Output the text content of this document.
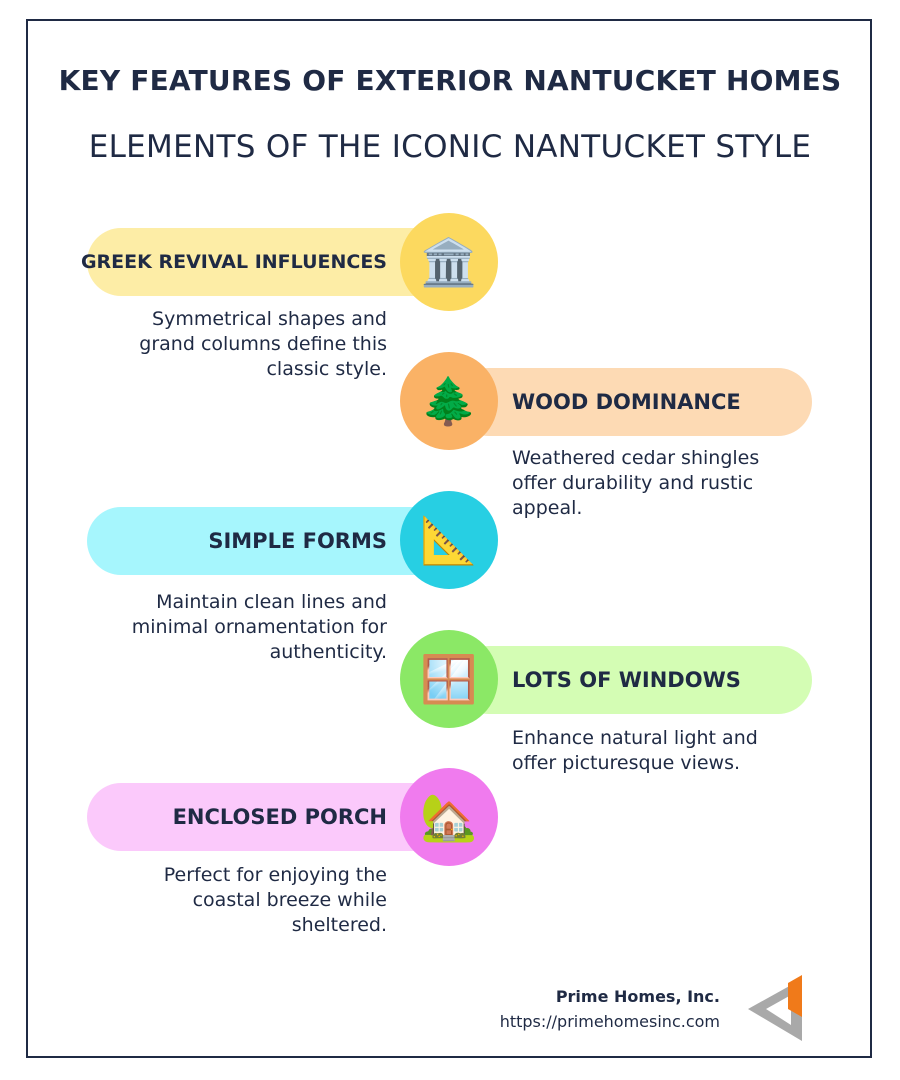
KEY FEATURES OF EXTERIOR NANTUCKET HOMES
ELEMENTS OF THE ICONIC NANTUCKET STYLE
GREEK REVIVAL INFLUENCES 🏛️
Symmetrical shapes and grand columns define this classic style.
WOOD DOMINANCE
🌲
Weathered cedar shingles offer durability and rustic appeal.
SIMPLE FORMS 📐
Maintain clean lines and minimal ornamentation for authenticity.
LOTS OF WINDOWS
🪟
Enhance natural light and offer picturesque views.
ENCLOSED PORCH 🏡
Perfect for enjoying the coastal breeze while sheltered.
Prime Homes, Inc.
https://primehomesinc.com
